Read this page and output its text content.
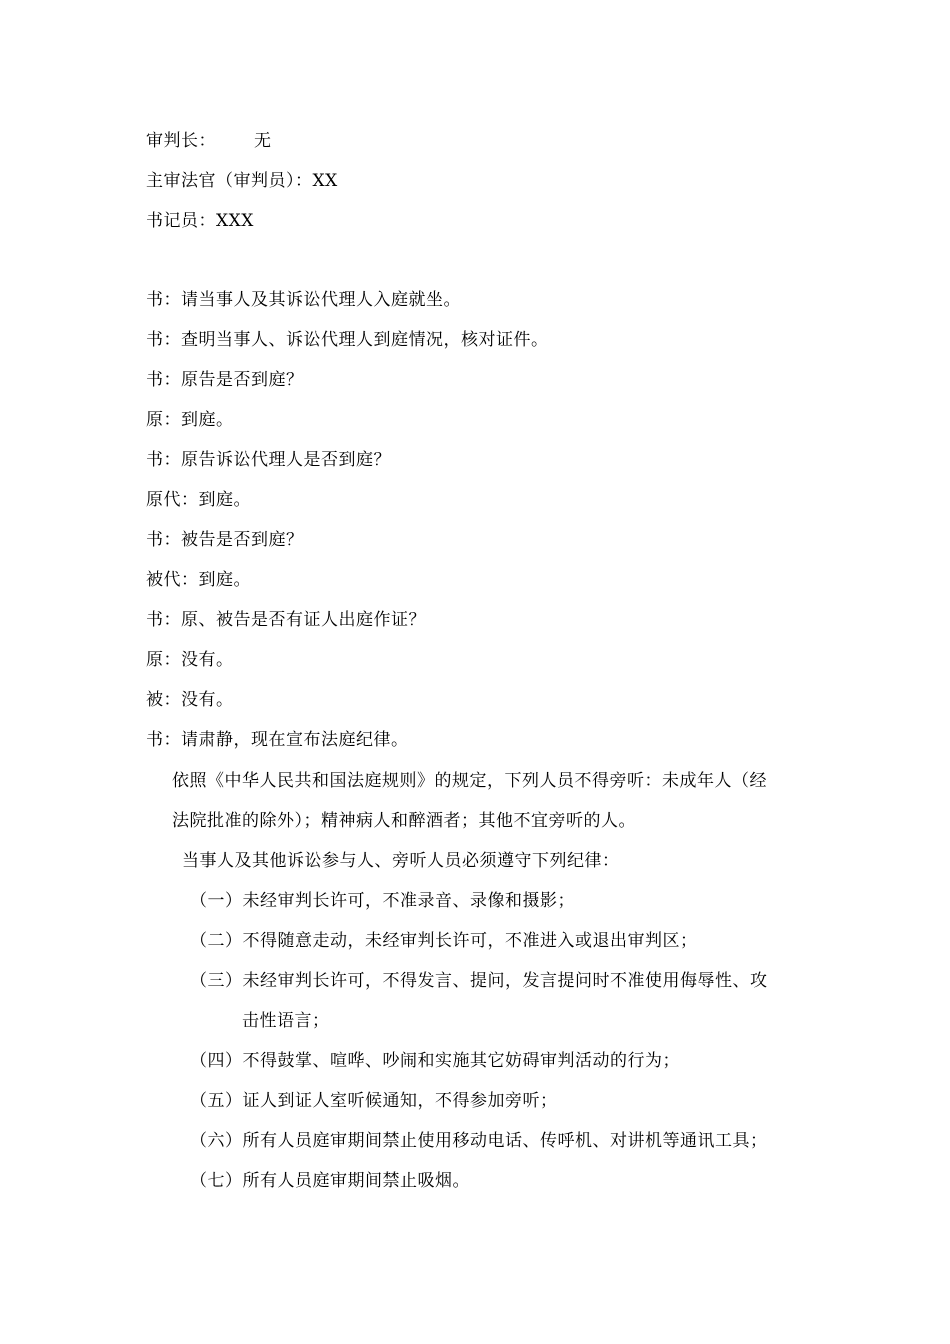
审判长： 无
主审法官（审判员）：XX
书记员：XXX
书：请当事人及其诉讼代理人入庭就坐。
书：查明当事人、诉讼代理人到庭情况，核对证件。
书：原告是否到庭？
原：到庭。
书：原告诉讼代理人是否到庭？
原代：到庭。
书：被告是否到庭？
被代：到庭。
书：原、被告是否有证人出庭作证？
原：没有。
被：没有。
书：请肃静，现在宣布法庭纪律。
依照《中华人民共和国法庭规则》的规定，下列人员不得旁听：未成年人（经
法院批准的除外）；精神病人和醉酒者；其他不宜旁听的人。
当事人及其他诉讼参与人、旁听人员必须遵守下列纪律：
（一）未经审判长许可，不准录音、录像和摄影；
（二）不得随意走动，未经审判长许可，不准进入或退出审判区；
（三）未经审判长许可，不得发言、提问，发言提问时不准使用侮辱性、攻
击性语言；
（四）不得鼓掌、喧哗、吵闹和实施其它妨碍审判活动的行为；
（五）证人到证人室听候通知，不得参加旁听；
（六）所有人员庭审期间禁止使用移动电话、传呼机、对讲机等通讯工具；
（七）所有人员庭审期间禁止吸烟。
